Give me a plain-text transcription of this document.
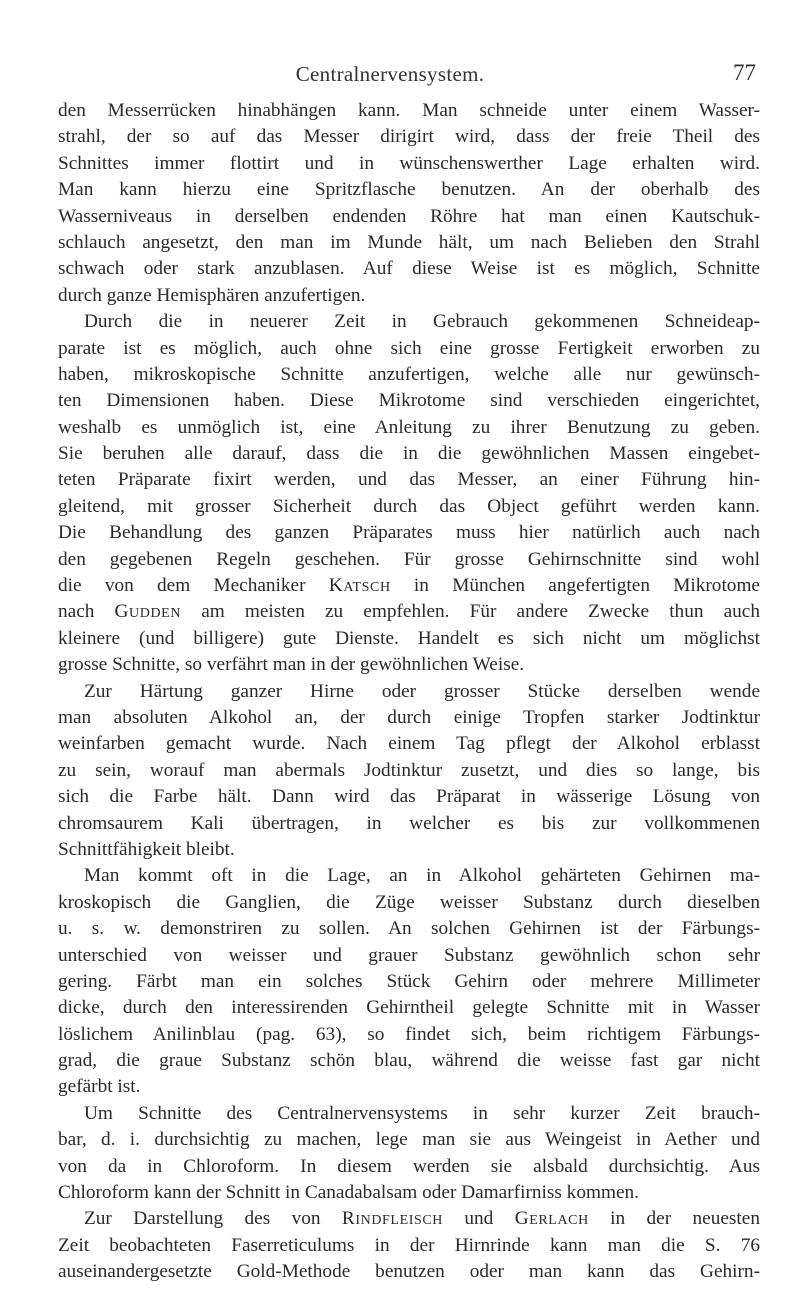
Centralnervensystem.	77
den Messerrücken hinabhängen kann. Man schneide unter einem Wasser-
strahl, der so auf das Messer dirigirt wird, dass der freie Theil des
Schnittes immer flottirt und in wünschenswerther Lage erhalten wird.
Man kann hierzu eine Spritzflasche benutzen. An der oberhalb des
Wasserniveaus in derselben endenden Röhre hat man einen Kautschuk-
schlauch angesetzt, den man im Munde hält, um nach Belieben den Strahl
schwach oder stark anzublasen. Auf diese Weise ist es möglich, Schnitte
durch ganze Hemisphären anzufertigen.
Durch die in neuerer Zeit in Gebrauch gekommenen Schneideap-
parate ist es möglich, auch ohne sich eine grosse Fertigkeit erworben zu
haben, mikroskopische Schnitte anzufertigen, welche alle nur gewünsch-
ten Dimensionen haben. Diese Mikrotome sind verschieden eingerichtet,
weshalb es unmöglich ist, eine Anleitung zu ihrer Benutzung zu geben.
Sie beruhen alle darauf, dass die in die gewöhnlichen Massen eingebet-
teten Präparate fixirt werden, und das Messer, an einer Führung hin-
gleitend, mit grosser Sicherheit durch das Object geführt werden kann.
Die Behandlung des ganzen Präparates muss hier natürlich auch nach
den gegebenen Regeln geschehen. Für grosse Gehirnschnitte sind wohl
die von dem Mechaniker Katsch in München angefertigten Mikrotome
nach Gudden am meisten zu empfehlen. Für andere Zwecke thun auch
kleinere (und billigere) gute Dienste. Handelt es sich nicht um möglichst
grosse Schnitte, so verfährt man in der gewöhnlichen Weise.
Zur Härtung ganzer Hirne oder grosser Stücke derselben wende
man absoluten Alkohol an, der durch einige Tropfen starker Jodtinktur
weinfarben gemacht wurde. Nach einem Tag pflegt der Alkohol erblasst
zu sein, worauf man abermals Jodtinktur zusetzt, und dies so lange, bis
sich die Farbe hält. Dann wird das Präparat in wässerige Lösung von
chromsaurem Kali übertragen, in welcher es bis zur vollkommenen
Schnittfähigkeit bleibt.
Man kommt oft in die Lage, an in Alkohol gehärteten Gehirnen ma-
kroskopisch die Ganglien, die Züge weisser Substanz durch dieselben
u. s. w. demonstriren zu sollen. An solchen Gehirnen ist der Färbungs-
unterschied von weisser und grauer Substanz gewöhnlich schon sehr
gering. Färbt man ein solches Stück Gehirn oder mehrere Millimeter
dicke, durch den interessirenden Gehirntheil gelegte Schnitte mit in Wasser
löslichem Anilinblau (pag. 63), so findet sich, beim richtigem Färbungs-
grad, die graue Substanz schön blau, während die weisse fast gar nicht
gefärbt ist.
Um Schnitte des Centralnervensystems in sehr kurzer Zeit brauch-
bar, d. i. durchsichtig zu machen, lege man sie aus Weingeist in Aether und
von da in Chloroform. In diesem werden sie alsbald durchsichtig. Aus
Chloroform kann der Schnitt in Canadabalsam oder Damarfirniss kommen.
Zur Darstellung des von Rindfleisch und Gerlach in der neuesten
Zeit beobachteten Faserreticulums in der Hirnrinde kann man die S. 76
auseinandergesetzte Gold-Methode benutzen oder man kann das Gehirn-
